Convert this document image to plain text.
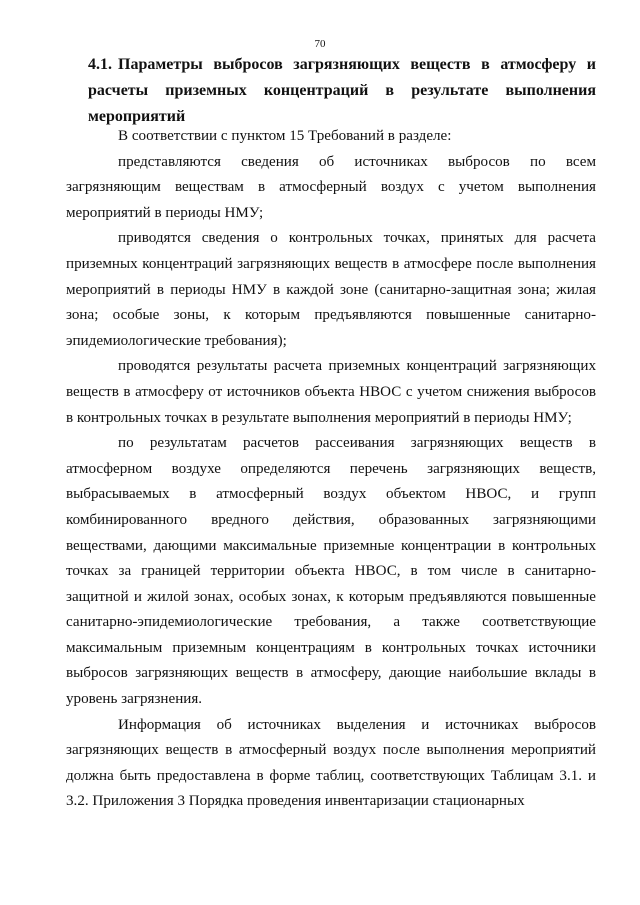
70
4.1. Параметры выбросов загрязняющих веществ в атмосферу и расчеты приземных концентраций в результате выполнения мероприятий

В соответствии с пунктом 15 Требований в разделе:

представляются сведения об источниках выбросов по всем загрязняющим веществам в атмосферный воздух с учетом выполнения мероприятий в периоды НМУ;

приводятся сведения о контрольных точках, принятых для расчета приземных концентраций загрязняющих веществ в атмосфере после выполнения мероприятий в периоды НМУ в каждой зоне (санитарно-защитная зона; жилая зона; особые зоны, к которым предъявляются повышенные санитарно-эпидемиологические требования);

проводятся результаты расчета приземных концентраций загрязняющих веществ в атмосферу от источников объекта НВОС с учетом снижения выбросов в контрольных точках в результате выполнения мероприятий в периоды НМУ;

по результатам расчетов рассеивания загрязняющих веществ в атмосферном воздухе определяются перечень загрязняющих веществ, выбрасываемых в атмосферный воздух объектом НВОС, и групп комбинированного вредного действия, образованных загрязняющими веществами, дающими максимальные приземные концентрации в контрольных точках за границей территории объекта НВОС, в том числе в санитарно-защитной и жилой зонах, особых зонах, к которым предъявляются повышенные санитарно-эпидемиологические требования, а также соответствующие максимальным приземным концентрациям в контрольных точках источники выбросов загрязняющих веществ в атмосферу, дающие наибольшие вклады в уровень загрязнения.

Информация об источниках выделения и источниках выбросов загрязняющих веществ в атмосферный воздух после выполнения мероприятий должна быть предоставлена в форме таблиц, соответствующих Таблицам 3.1. и 3.2. Приложения 3 Порядка проведения инвентаризации стационарных
